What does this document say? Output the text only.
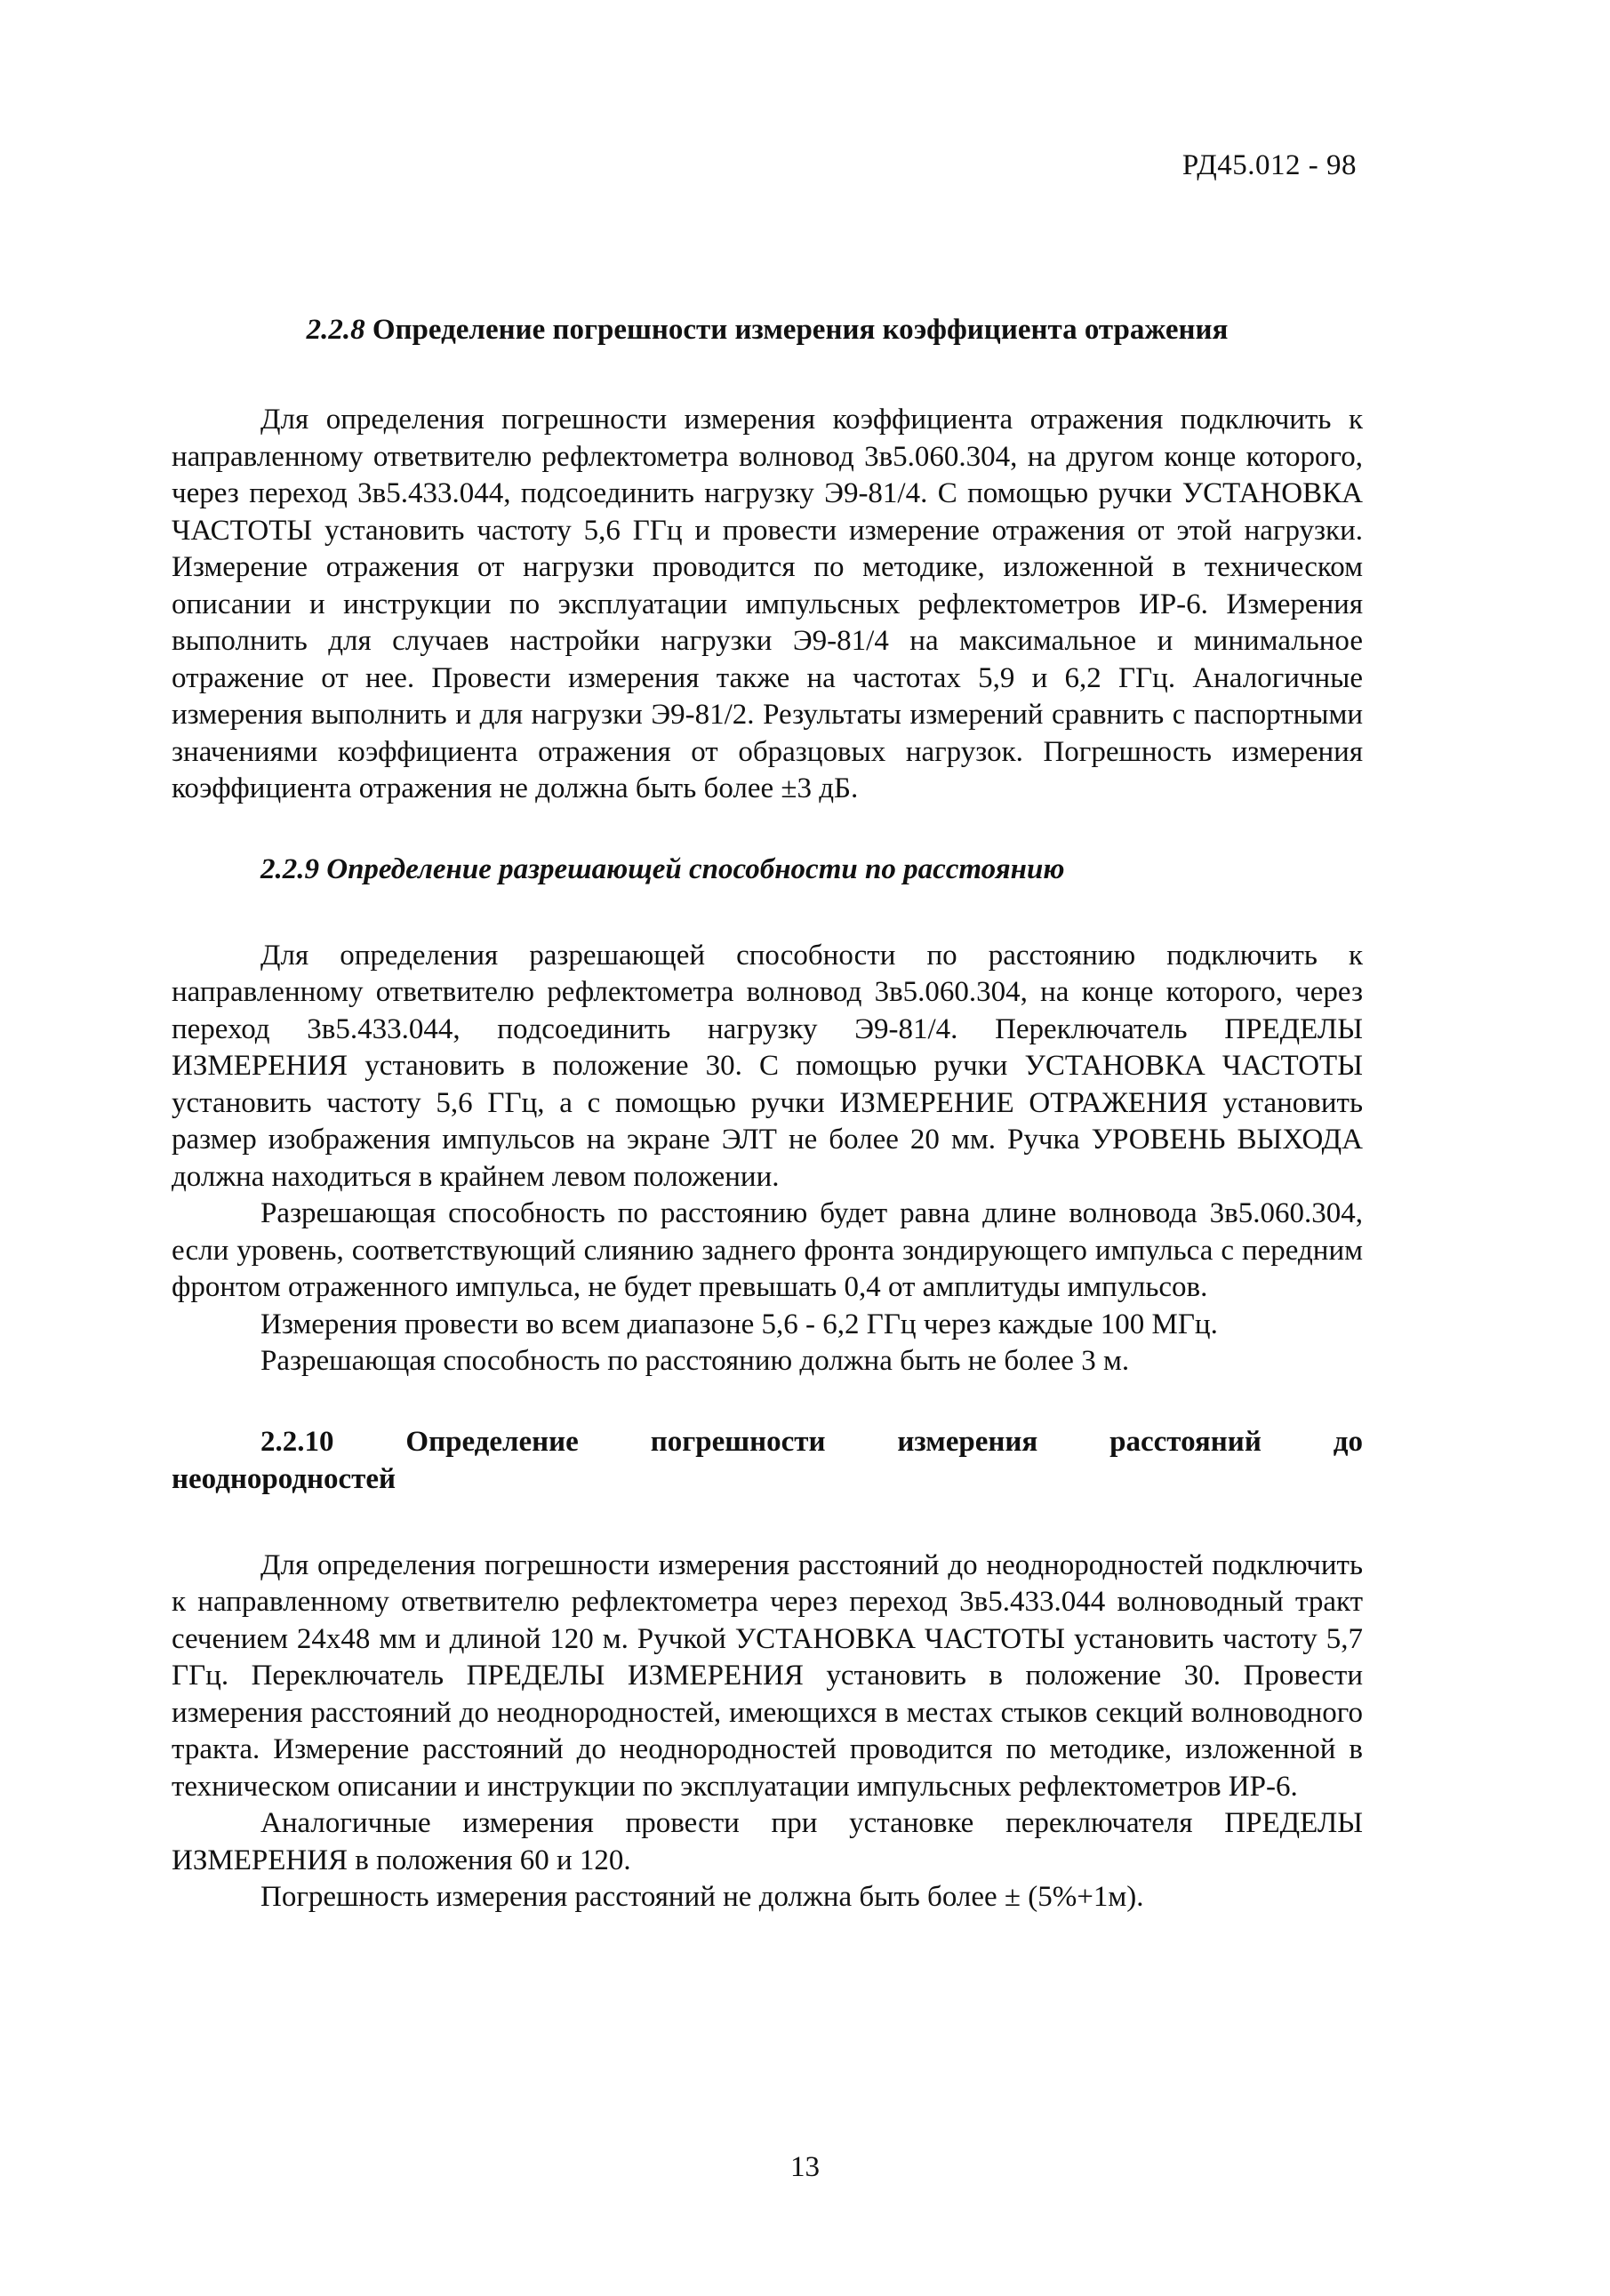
РД45.012 - 98

2.2.8 Определение погрешности измерения коэффициента отражения

Для определения погрешности измерения коэффициента отражения подключить к направленному ответвителю рефлектометра волновод 3в5.060.304, на другом конце которого, через переход 3в5.433.044, подсоединить нагрузку Э9-81/4. С помощью ручки УСТАНОВКА ЧАСТОТЫ установить частоту 5,6 ГГц и провести измерение отражения от этой нагрузки. Измерение отражения от нагрузки проводится по методике, изложенной в техническом описании и инструкции по эксплуатации импульсных рефлектометров ИР-6. Измерения выполнить для случаев настройки нагрузки Э9-81/4 на максимальное и минимальное отражение от нее. Провести измерения также на частотах 5,9 и 6,2 ГГц. Аналогичные измерения выполнить и для нагрузки Э9-81/2. Результаты измерений сравнить с паспортными значениями коэффициента отражения от образцовых нагрузок. Погрешность измерения коэффициента отражения не должна быть более ±3 дБ.

2.2.9 Определение разрешающей способности по расстоянию

Для определения разрешающей способности по расстоянию подключить к направленному ответвителю рефлектометра волновод 3в5.060.304, на конце которого, через переход 3в5.433.044, подсоединить нагрузку Э9-81/4. Переключатель ПРЕДЕЛЫ ИЗМЕРЕНИЯ установить в положение 30. С помощью ручки УСТАНОВКА ЧАСТОТЫ установить частоту 5,6 ГГц, а с помощью ручки ИЗМЕРЕНИЕ ОТРАЖЕНИЯ установить размер изображения импульсов на экране ЭЛТ не более 20 мм. Ручка УРОВЕНЬ ВЫХОДА должна находиться в крайнем левом положении.

Разрешающая способность по расстоянию будет равна длине волновода 3в5.060.304, если уровень, соответствующий слиянию заднего фронта зондирующего импульса с передним фронтом отраженного импульса, не будет превышать 0,4 от амплитуды импульсов.

Измерения провести во всем диапазоне 5,6 - 6,2 ГГц через каждые 100 МГц.

Разрешающая способность по расстоянию должна быть не более 3 м.

2.2.10 Определение погрешности измерения расстояний до
неоднородностей

Для определения погрешности измерения расстояний до неоднородностей подключить к направленному ответвителю рефлектометра через переход 3в5.433.044 волноводный тракт сечением 24х48 мм и длиной 120 м. Ручкой УСТАНОВКА ЧАСТОТЫ установить частоту 5,7 ГГц. Переключатель ПРЕДЕЛЫ ИЗМЕРЕНИЯ установить в положение 30. Провести измерения расстояний до неоднородностей, имеющихся в местах стыков секций волноводного тракта. Измерение расстояний до неоднородностей проводится по методике, изложенной в техническом описании и инструкции по эксплуатации импульсных рефлектометров ИР-6.

Аналогичные измерения провести при установке переключателя ПРЕДЕЛЫ ИЗМЕРЕНИЯ в положения 60 и 120.

Погрешность измерения расстояний не должна быть более ± (5%+1м).

13
